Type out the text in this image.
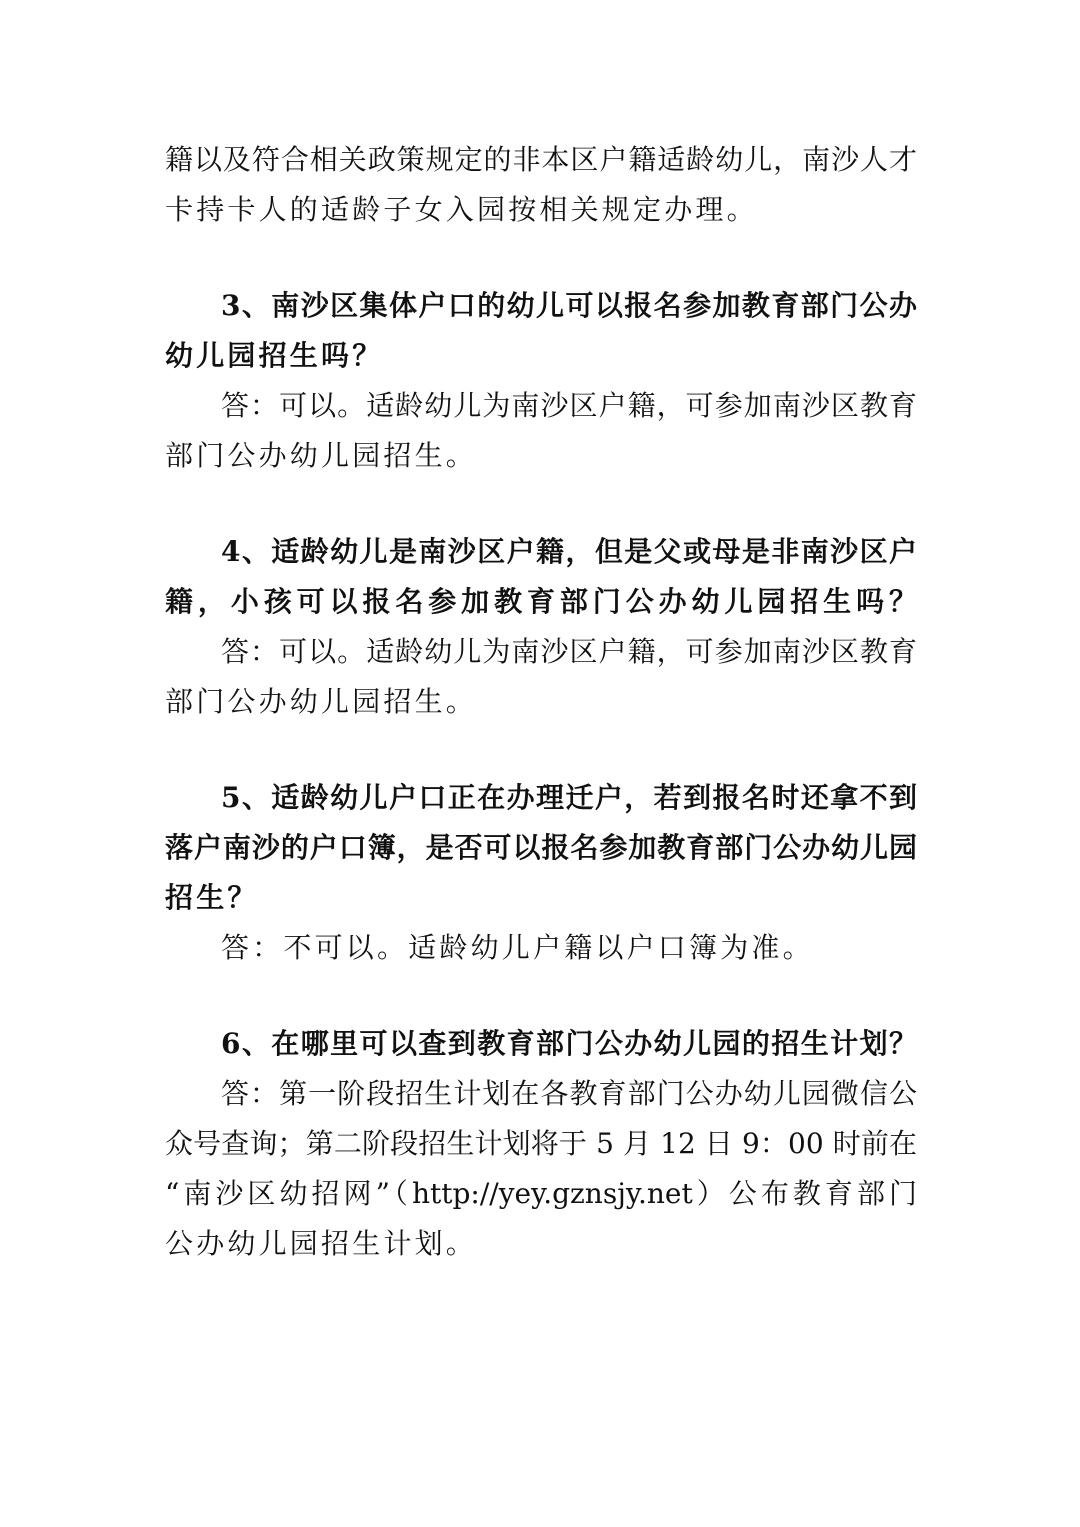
籍以及符合相关政策规定的非本区户籍适龄幼儿，南沙人才
卡持卡人的适龄子女入园按相关规定办理。
3、南沙区集体户口的幼儿可以报名参加教育部门公办
幼儿园招生吗？
答：可以。适龄幼儿为南沙区户籍，可参加南沙区教育
部门公办幼儿园招生。
4、适龄幼儿是南沙区户籍，但是父或母是非南沙区户
籍，小孩可以报名参加教育部门公办幼儿园招生吗？
答：可以。适龄幼儿为南沙区户籍，可参加南沙区教育
部门公办幼儿园招生。
5、适龄幼儿户口正在办理迁户，若到报名时还拿不到
落户南沙的户口簿，是否可以报名参加教育部门公办幼儿园
招生？
答：不可以。适龄幼儿户籍以户口簿为准。
6、在哪里可以查到教育部门公办幼儿园的招生计划？
答：第一阶段招生计划在各教育部门公办幼儿园微信公
众号查询；第二阶段招生计划将于 5 月 12 日 9：00 时前在
“南沙区幼招网”（http://yey.gznsjy.net）公布教育部门
公办幼儿园招生计划。
